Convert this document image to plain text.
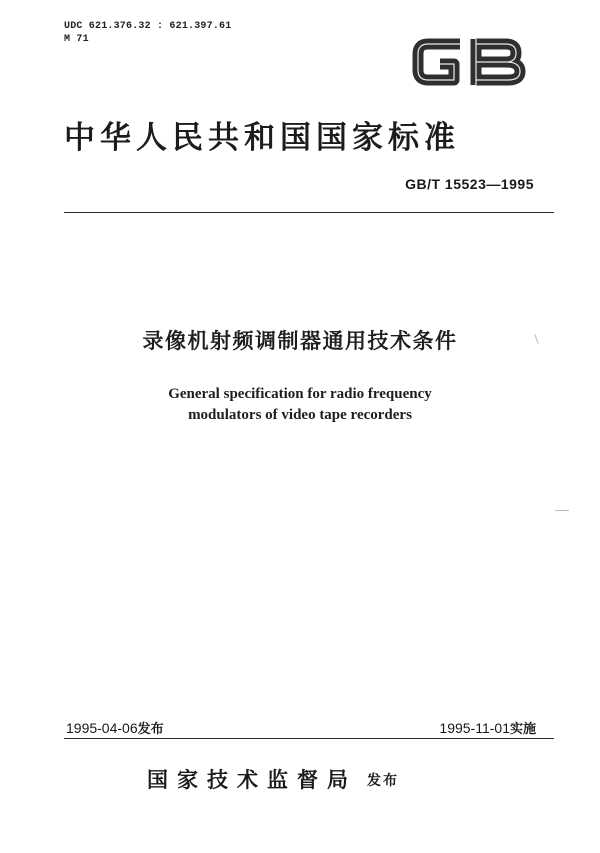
UDC 621.376.32 : 621.397.61
M 71
中华人民共和国国家标准
GB/T 15523—1995
录像机射频调制器通用技术条件
General specification for radio frequency
modulators of video tape recorders
1995-04-06发布	1995-11-01实施
国家技术监督局 发布
